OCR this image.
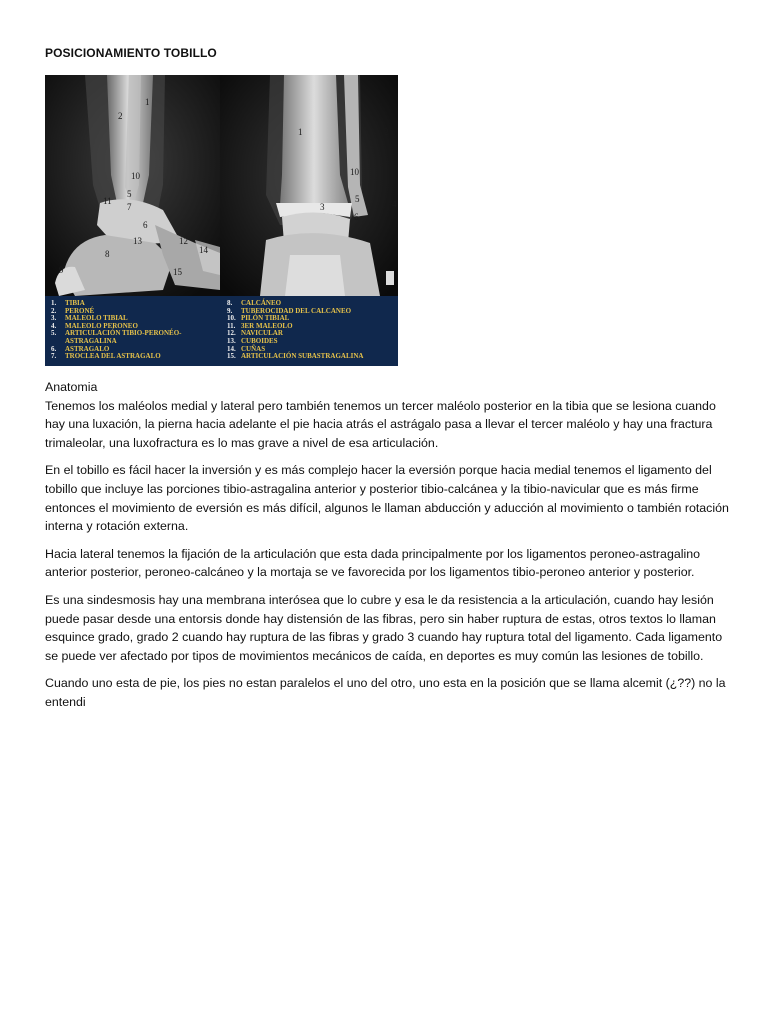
POSICIONAMIENTO TOBILLO
1
2
10
5
11
7
6
13	12
14
8
15
9
1	2
10
5
3
6
4
1.	TIBIA
2.	PERONÉ
3.	MALEOLO TIBIAL
4.	MALEOLO PERONEO
5.	ARTICULACIÓN TIBIO-PERONÉO-ASTRAGALINA
6.	ASTRAGALO
7.	TROCLEA DEL ASTRAGALO
8.	CALCÁNEO
9.	TUBEROCIDAD DEL CALCANEO
10. PILÓN TIBIAL
11. 3ER MALEOLO
12. NAVICULAR
13. CUBOIDES
14. CUÑAS
15. ARTICULACIÓN SUBASTRAGALINA
Anatomia

Tenemos los maléolos medial y lateral pero también tenemos un tercer maléolo posterior en la tibia que se lesiona cuando hay una luxación, la pierna hacia adelante el pie hacia atrás el astrágalo pasa a llevar el tercer maléolo y hay una fractura trimaleolar, una luxofractura es lo mas grave a nivel de esa articulación.

En el tobillo es fácil hacer la inversión y es más complejo hacer la eversión porque hacia medial tenemos el ligamento del tobillo que incluye las porciones tibio-astragalina anterior y posterior tibio-calcánea y la tibio-navicular que es más firme entonces el movimiento de eversión es más difícil, algunos le llaman abducción y aducción al movimiento o también rotación interna y rotación externa.

Hacia lateral tenemos la fijación de la articulación que esta dada principalmente por los ligamentos peroneo-astragalino anterior posterior, peroneo-calcáneo y la mortaja se ve favorecida por los ligamentos tibio-peroneo anterior y posterior.

Es una sindesmosis hay una membrana interósea que lo cubre y esa le da resistencia a la articulación, cuando hay lesión puede pasar desde una entorsis donde hay distensión de las fibras, pero sin haber ruptura de estas, otros textos lo llaman esquince grado, grado 2 cuando hay ruptura de las fibras y grado 3 cuando hay ruptura total del ligamento. Cada ligamento se puede ver afectado por tipos de movimientos mecánicos de caída, en deportes es muy común las lesiones de tobillo.

Cuando uno esta de pie, los pies no estan paralelos el uno del otro, uno esta en la posición que se llama alcemit (¿??) no la entendi
